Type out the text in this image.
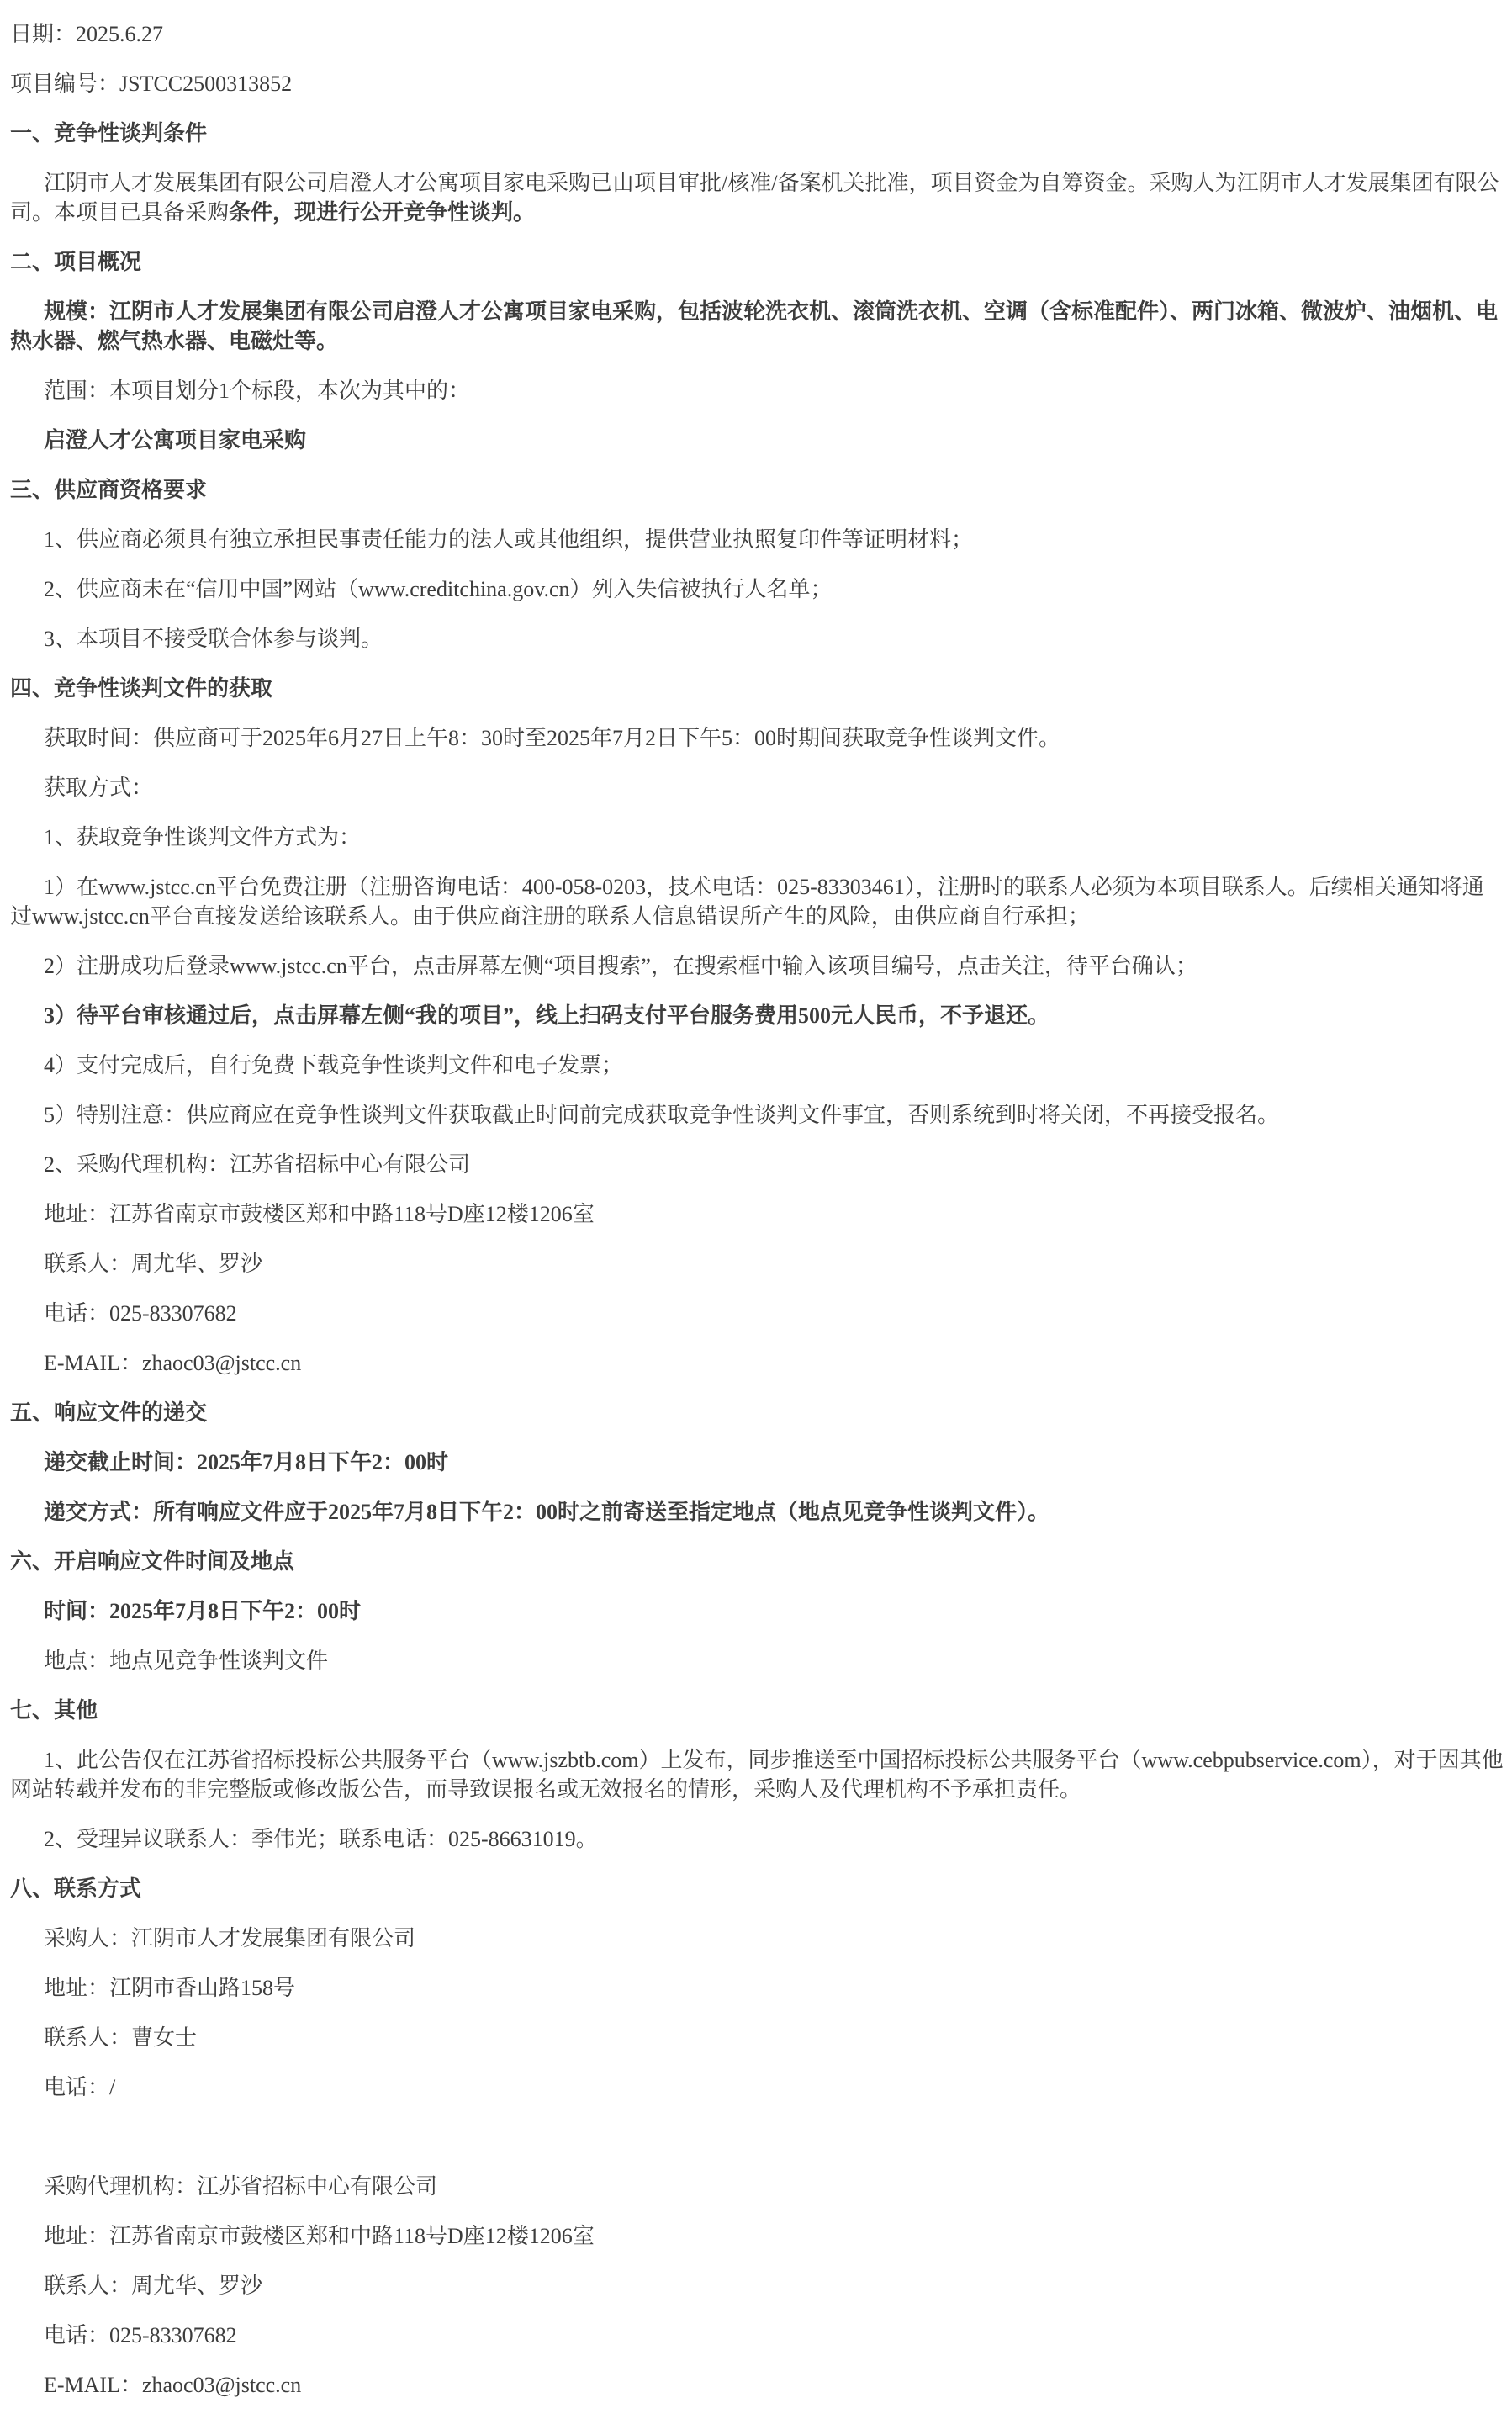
日期：2025.6.27

项目编号：JSTCC2500313852

一、竞争性谈判条件

江阴市人才发展集团有限公司启澄人才公寓项目家电采购已由项目审批/核准/备案机关批准，项目资金为自筹资金。采购人为江阴市人才发展集团有限公司。本项目已具备采购条件，现进行公开竞争性谈判。

二、项目概况

规模：江阴市人才发展集团有限公司启澄人才公寓项目家电采购，包括波轮洗衣机、滚筒洗衣机、空调（含标准配件）、两门冰箱、微波炉、油烟机、电热水器、燃气热水器、电磁灶等。

范围：本项目划分1个标段，本次为其中的：

启澄人才公寓项目家电采购

三、供应商资格要求

1、供应商必须具有独立承担民事责任能力的法人或其他组织，提供营业执照复印件等证明材料；

2、供应商未在“信用中国”网站（www.creditchina.gov.cn）列入失信被执行人名单；

3、本项目不接受联合体参与谈判。

四、竞争性谈判文件的获取

获取时间：供应商可于2025年6月27日上午8：30时至2025年7月2日下午5：00时期间获取竞争性谈判文件。

获取方式：

1、获取竞争性谈判文件方式为：

1）在www.jstcc.cn平台免费注册（注册咨询电话：400-058-0203，技术电话：025-83303461），注册时的联系人必须为本项目联系人。后续相关通知将通过www.jstcc.cn平台直接发送给该联系人。由于供应商注册的联系人信息错误所产生的风险，由供应商自行承担；

2）注册成功后登录www.jstcc.cn平台，点击屏幕左侧“项目搜索”，在搜索框中输入该项目编号，点击关注，待平台确认；

3）待平台审核通过后，点击屏幕左侧“我的项目”，线上扫码支付平台服务费用500元人民币，不予退还。

4）支付完成后，自行免费下载竞争性谈判文件和电子发票；

5）特别注意：供应商应在竞争性谈判文件获取截止时间前完成获取竞争性谈判文件事宜，否则系统到时将关闭，不再接受报名。

2、采购代理机构：江苏省招标中心有限公司

地址：江苏省南京市鼓楼区郑和中路118号D座12楼1206室

联系人：周尤华、罗沙

电话：025-83307682

E-MAIL：zhaoc03@jstcc.cn

五、响应文件的递交

递交截止时间：2025年7月8日下午2：00时

递交方式：所有响应文件应于2025年7月8日下午2：00时之前寄送至指定地点（地点见竞争性谈判文件）。

六、开启响应文件时间及地点

时间：2025年7月8日下午2：00时

地点：地点见竞争性谈判文件

七、其他

1、此公告仅在江苏省招标投标公共服务平台（www.jszbtb.com）上发布，同步推送至中国招标投标公共服务平台（www.cebpubservice.com），对于因其他网站转载并发布的非完整版或修改版公告，而导致误报名或无效报名的情形，采购人及代理机构不予承担责任。

2、受理异议联系人：季伟光；联系电话：025-86631019。

八、联系方式

采购人：江阴市人才发展集团有限公司

地址：江阴市香山路158号

联系人：曹女士

电话：/

采购代理机构：江苏省招标中心有限公司

地址：江苏省南京市鼓楼区郑和中路118号D座12楼1206室

联系人：周尤华、罗沙

电话：025-83307682

E-MAIL：zhaoc03@jstcc.cn
